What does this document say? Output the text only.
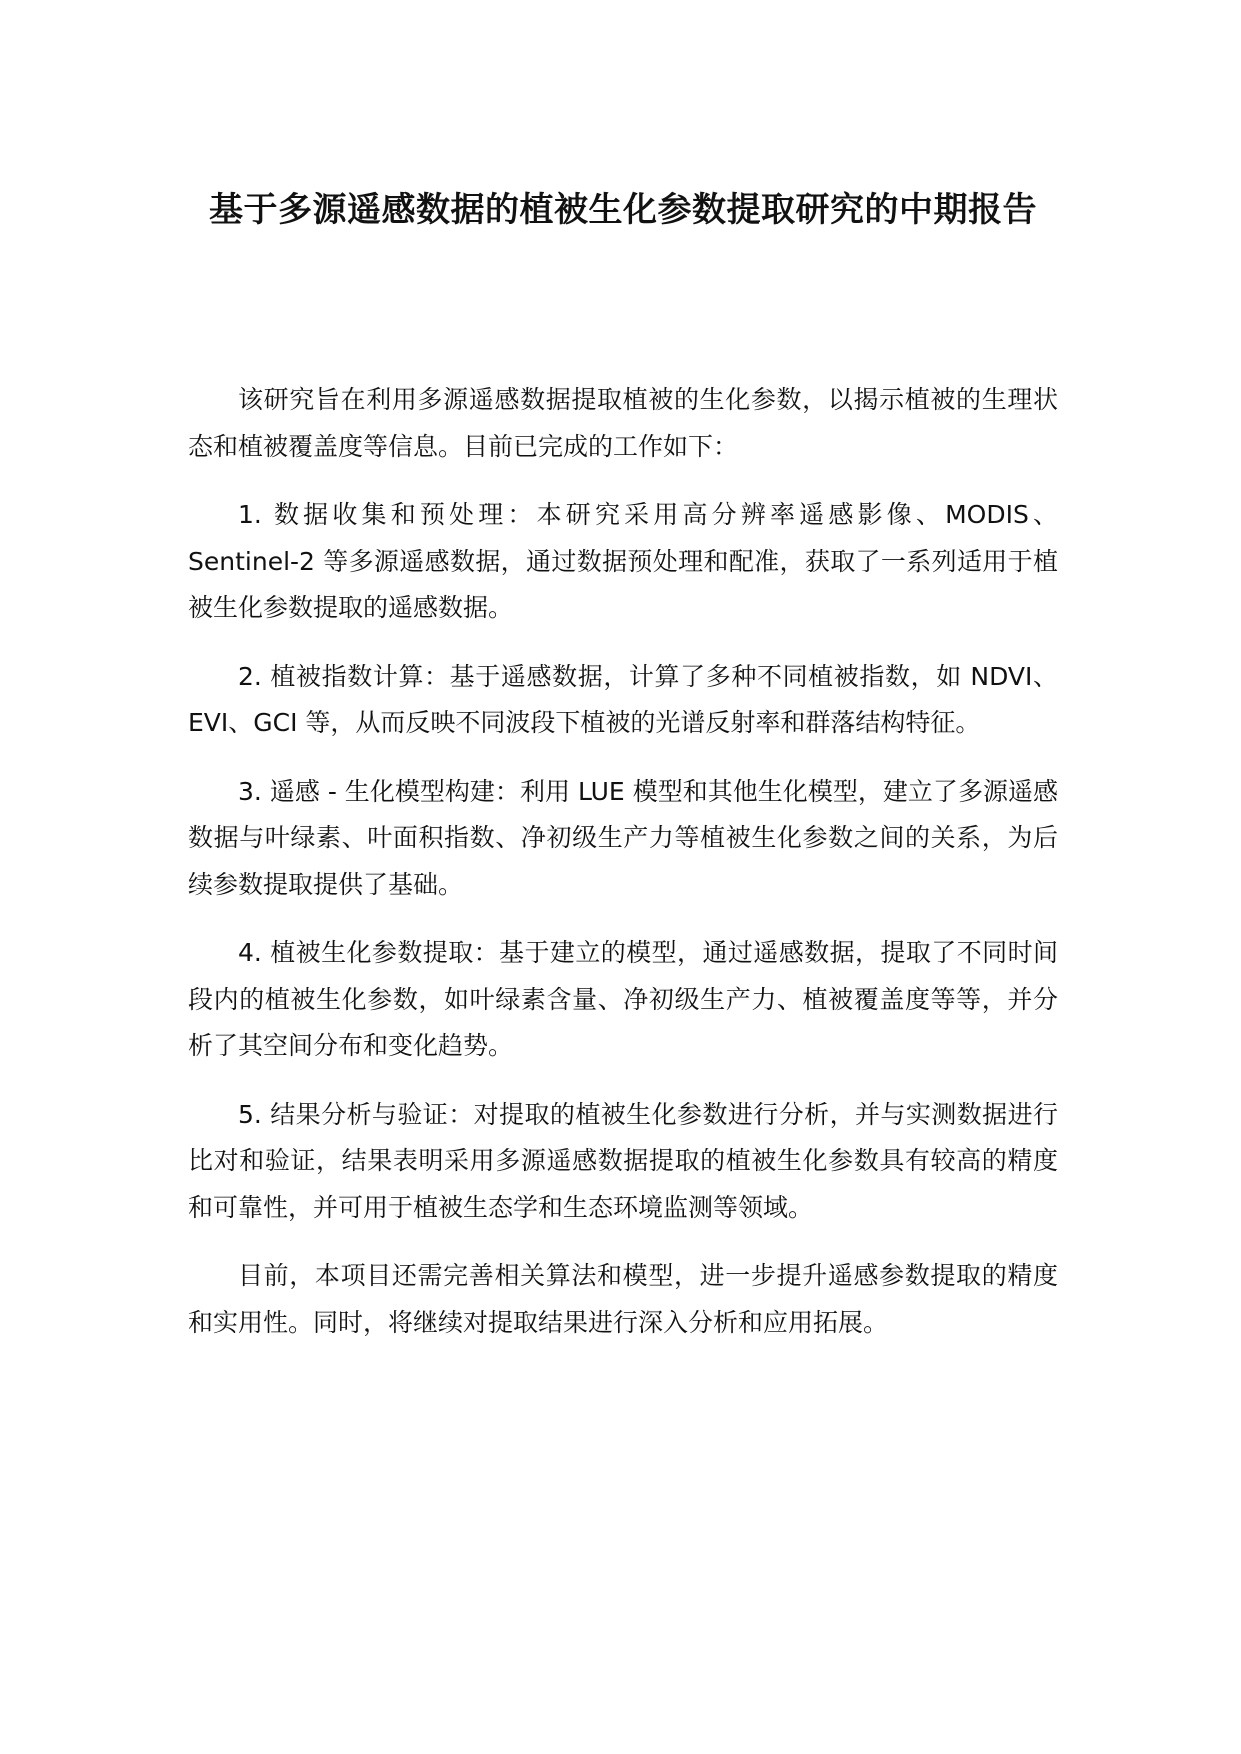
基于多源遥感数据的植被生化参数提取研究的中期报告

该研究旨在利用多源遥感数据提取植被的生化参数，以揭示植被的生理状态和植被覆盖度等信息。目前已完成的工作如下：

1. 数据收集和预处理：本研究采用高分辨率遥感影像、MODIS、Sentinel-2 等多源遥感数据，通过数据预处理和配准，获取了一系列适用于植被生化参数提取的遥感数据。

2. 植被指数计算：基于遥感数据，计算了多种不同植被指数，如 NDVI、EVI、GCI 等，从而反映不同波段下植被的光谱反射率和群落结构特征。

3. 遥感 - 生化模型构建：利用 LUE 模型和其他生化模型，建立了多源遥感数据与叶绿素、叶面积指数、净初级生产力等植被生化参数之间的关系，为后续参数提取提供了基础。

4. 植被生化参数提取：基于建立的模型，通过遥感数据，提取了不同时间段内的植被生化参数，如叶绿素含量、净初级生产力、植被覆盖度等等，并分析了其空间分布和变化趋势。

5. 结果分析与验证：对提取的植被生化参数进行分析，并与实测数据进行比对和验证，结果表明采用多源遥感数据提取的植被生化参数具有较高的精度和可靠性，并可用于植被生态学和生态环境监测等领域。

目前，本项目还需完善相关算法和模型，进一步提升遥感参数提取的精度和实用性。同时，将继续对提取结果进行深入分析和应用拓展。
